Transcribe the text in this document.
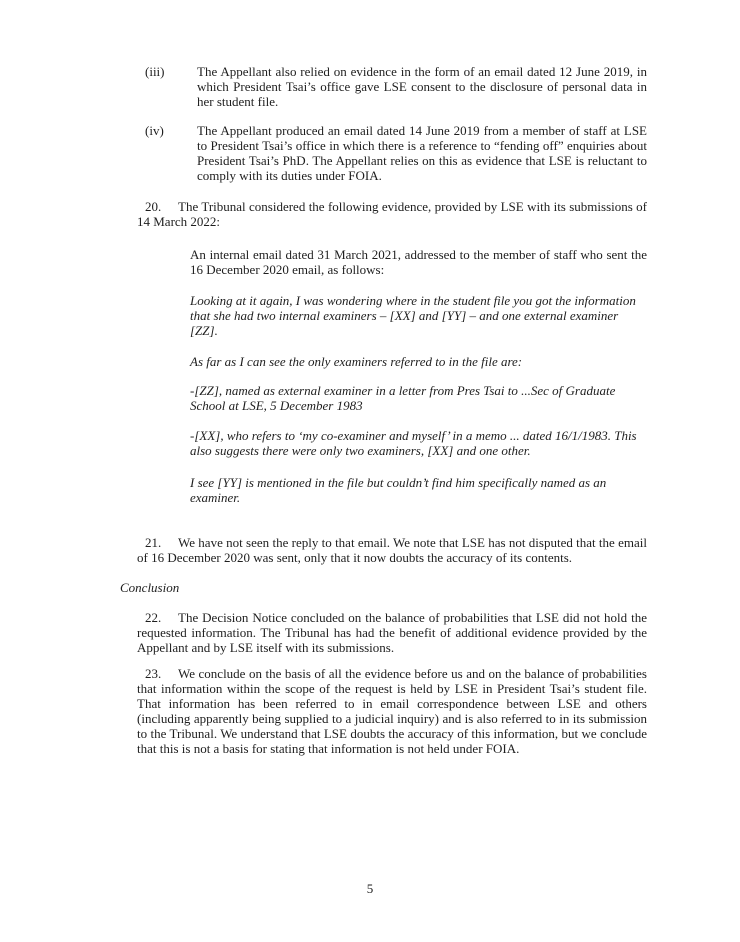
(iii)	The Appellant also relied on evidence in the form of an email dated 12 June 2019, in which President Tsai’s office gave LSE consent to the disclosure of personal data in her student file.
(iv)	The Appellant produced an email dated 14 June 2019 from a member of staff at LSE to President Tsai’s office in which there is a reference to “fending off” enquiries about President Tsai’s PhD. The Appellant relies on this as evidence that LSE is reluctant to comply with its duties under FOIA.
20. The Tribunal considered the following evidence, provided by LSE with its submissions of 14 March 2022:
An internal email dated 31 March 2021, addressed to the member of staff who sent the 16 December 2020 email, as follows:
Looking at it again, I was wondering where in the student file you got the information that she had two internal examiners – [XX] and [YY] – and one external examiner    [ZZ].
As far as I can see the only examiners referred to in the file are:
-[ZZ], named as external examiner in a letter from Pres Tsai to ...Sec of Graduate School at LSE, 5 December 1983
-[XX], who refers to ‘my co-examiner and myself’ in a memo ... dated 16/1/1983. This also suggests there were only two examiners, [XX] and one other.
I see [YY] is mentioned in the file but couldn’t find him specifically named as an examiner.
21. We have not seen the reply to that email. We note that LSE has not disputed that the email of 16 December 2020 was sent, only that it now doubts the accuracy of its contents.
Conclusion
22. The Decision Notice concluded on the balance of probabilities that LSE did not hold the requested information. The Tribunal has had the benefit of additional evidence provided by the Appellant and by LSE itself with its submissions.
23. We conclude on the basis of all the evidence before us and on the balance of probabilities that information within the scope of the request is held by LSE in President Tsai’s student file. That information has been referred to in email correspondence between LSE and others (including apparently being supplied to a judicial inquiry) and is also referred to in its submission to the Tribunal. We understand that LSE doubts the accuracy of this information, but we conclude that this is not a basis for stating that information is not held under FOIA.
5
